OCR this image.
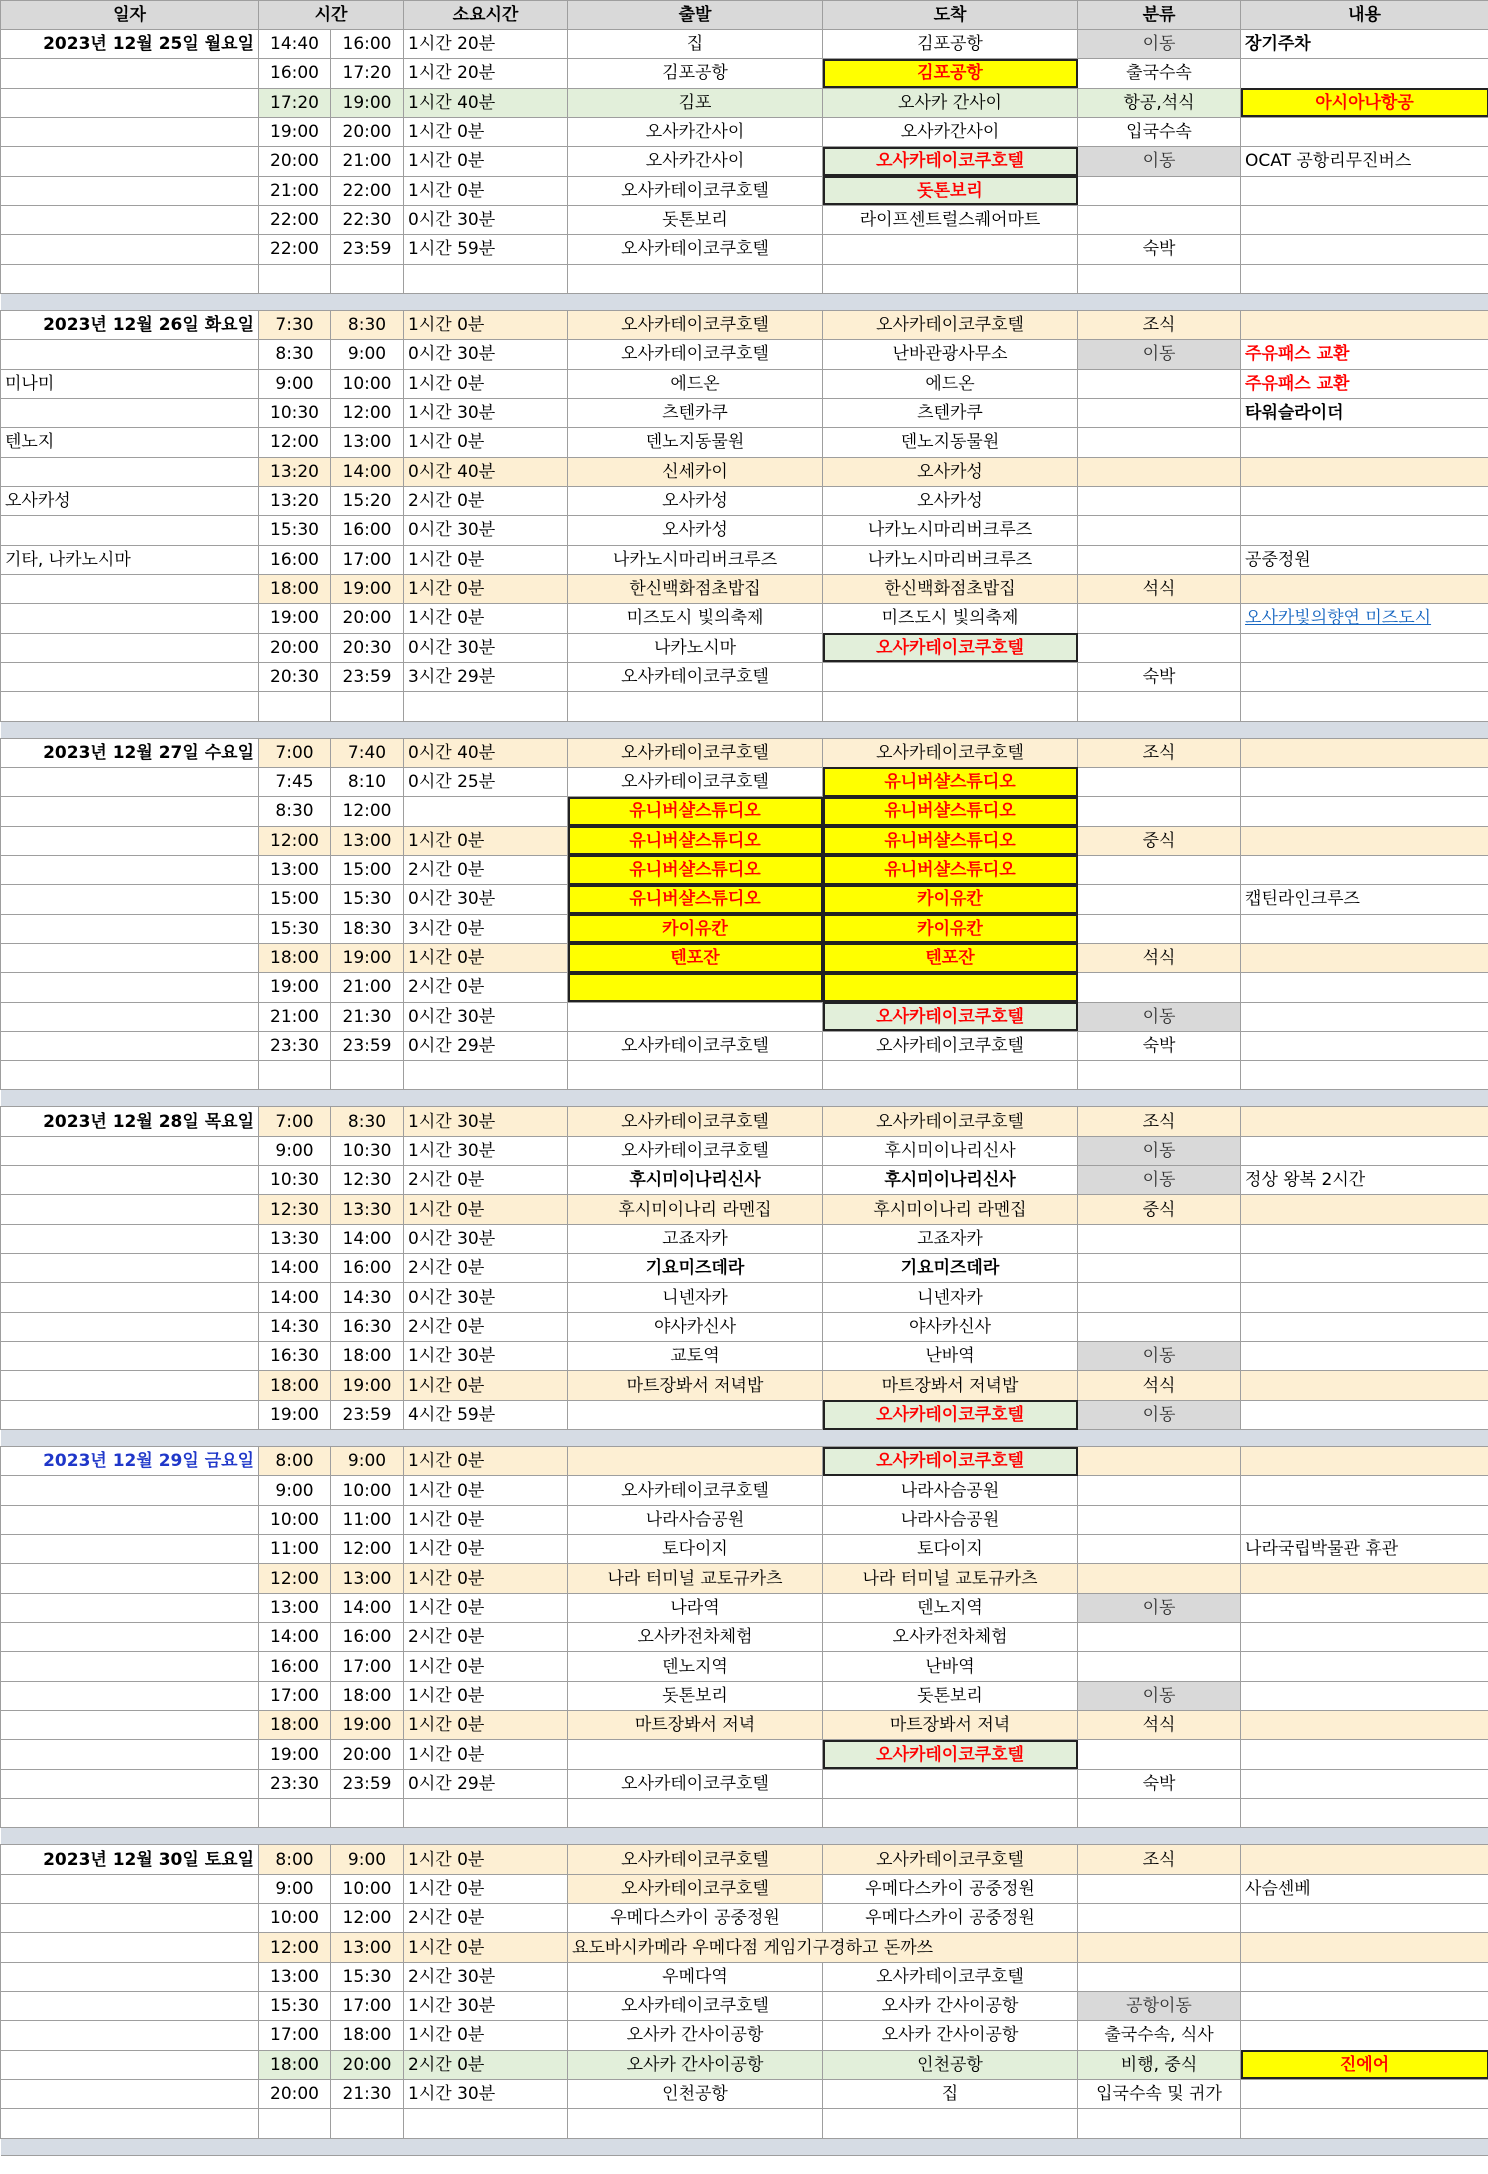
일자	시간		소요시간	출발	도착	분류	내용
2023년 12월 25일 월요일	14:40	16:00	1시간 20분	집	김포공항	이동	장기주차
	16:00	17:20	1시간 20분	김포공항	김포공항	출국수속	
	17:20	19:00	1시간 40분	김포	오사카 간사이	항공,석식	아시아나항공
	19:00	20:00	1시간 0분	오사카간사이	오사카간사이	입국수속	
	20:00	21:00	1시간 0분	오사카간사이	오사카테이코쿠호텔	이동	OCAT 공항리무진버스
	21:00	22:00	1시간 0분	오사카테이코쿠호텔	돗톤보리		
	22:00	22:30	0시간 30분	돗톤보리	라이프센트럴스퀘어마트		
	22:00	23:59	1시간 59분	오사카테이코쿠호텔		숙박	

2023년 12월 26일 화요일	7:30	8:30	1시간 0분	오사카테이코쿠호텔	오사카테이코쿠호텔	조식	
	8:30	9:00	0시간 30분	오사카테이코쿠호텔	난바관광사무소	이동	주유패스 교환
미나미	9:00	10:00	1시간 0분	에드온	에드온		주유패스 교환
	10:30	12:00	1시간 30분	츠텐카쿠	츠텐카쿠		타워슬라이더
텐노지	12:00	13:00	1시간 0분	덴노지동물원	덴노지동물원		
	13:20	14:00	0시간 40분	신세카이	오사카성		
오사카성	13:20	15:20	2시간 0분	오사카성	오사카성		
	15:30	16:00	0시간 30분	오사카성	나카노시마리버크루즈		
기타, 나카노시마	16:00	17:00	1시간 0분	나카노시마리버크루즈	나카노시마리버크루즈		공중정원
	18:00	19:00	1시간 0분	한신백화점초밥집	한신백화점초밥집	석식	
	19:00	20:00	1시간 0분	미즈도시 빛의축제	미즈도시 빛의축제		오사카빛의향연 미즈도시
	20:00	20:30	0시간 30분	나카노시마	오사카테이코쿠호텔		
	20:30	23:59	3시간 29분	오사카테이코쿠호텔		숙박	

2023년 12월 27일 수요일	7:00	7:40	0시간 40분	오사카테이코쿠호텔	오사카테이코쿠호텔	조식	
	7:45	8:10	0시간 25분	오사카테이코쿠호텔	유니버샬스튜디오		
	8:30	12:00		유니버샬스튜디오	유니버샬스튜디오		
	12:00	13:00	1시간 0분	유니버샬스튜디오	유니버샬스튜디오	중식	
	13:00	15:00	2시간 0분	유니버샬스튜디오	유니버샬스튜디오		
	15:00	15:30	0시간 30분	유니버샬스튜디오	카이유칸		캡틴라인크루즈
	15:30	18:30	3시간 0분	카이유칸	카이유칸		
	18:00	19:00	1시간 0분	텐포잔	텐포잔	석식	
	19:00	21:00	2시간 0분				
	21:00	21:30	0시간 30분		오사카테이코쿠호텔	이동	
	23:30	23:59	0시간 29분	오사카테이코쿠호텔	오사카테이코쿠호텔	숙박	

2023년 12월 28일 목요일	7:00	8:30	1시간 30분	오사카테이코쿠호텔	오사카테이코쿠호텔	조식	
	9:00	10:30	1시간 30분	오사카테이코쿠호텔	후시미이나리신사	이동	
	10:30	12:30	2시간 0분	후시미이나리신사	후시미이나리신사	이동	정상 왕복 2시간
	12:30	13:30	1시간 0분	후시미이나리 라멘집	후시미이나리 라멘집	중식	
	13:30	14:00	0시간 30분	고죠자카	고죠자카		
	14:00	16:00	2시간 0분	기요미즈데라	기요미즈데라		
	14:00	14:30	0시간 30분	니넨자카	니넨자카		
	14:30	16:30	2시간 0분	야사카신사	야사카신사		
	16:30	18:00	1시간 30분	교토역	난바역	이동	
	18:00	19:00	1시간 0분	마트장봐서 저녁밥	마트장봐서 저녁밥	석식	
	19:00	23:59	4시간 59분		오사카테이코쿠호텔	이동	

2023년 12월 29일 금요일	8:00	9:00	1시간 0분		오사카테이코쿠호텔		
	9:00	10:00	1시간 0분	오사카테이코쿠호텔	나라사슴공원		
	10:00	11:00	1시간 0분	나라사슴공원	나라사슴공원		
	11:00	12:00	1시간 0분	토다이지	토다이지		나라국립박물관 휴관
	12:00	13:00	1시간 0분	나라 터미널 교토규카츠	나라 터미널 교토규카츠		
	13:00	14:00	1시간 0분	나라역	덴노지역	이동	
	14:00	16:00	2시간 0분	오사카전차체험	오사카전차체험		
	16:00	17:00	1시간 0분	덴노지역	난바역		
	17:00	18:00	1시간 0분	돗톤보리	돗톤보리	이동	
	18:00	19:00	1시간 0분	마트장봐서 저녁	마트장봐서 저녁	석식	
	19:00	20:00	1시간 0분		오사카테이코쿠호텔		
	23:30	23:59	0시간 29분	오사카테이코쿠호텔		숙박	

2023년 12월 30일 토요일	8:00	9:00	1시간 0분	오사카테이코쿠호텔	오사카테이코쿠호텔	조식	
	9:00	10:00	1시간 0분	오사카테이코쿠호텔	우메다스카이 공중정원		사슴센베
	10:00	12:00	2시간 0분	우메다스카이 공중정원	우메다스카이 공중정원		
	12:00	13:00	1시간 0분	요도바시카메라 우메다점 게임기구경하고 돈까쓰			
	13:00	15:30	2시간 30분	우메다역	오사카테이코쿠호텔		
	15:30	17:00	1시간 30분	오사카테이코쿠호텔	오사카 간사이공항	공항이동	
	17:00	18:00	1시간 0분	오사카 간사이공항	오사카 간사이공항	출국수속, 식사	
	18:00	20:00	2시간 0분	오사카 간사이공항	인천공항	비행, 중식	진에어
	20:00	21:30	1시간 30분	인천공항	집	입국수속 및 귀가	
